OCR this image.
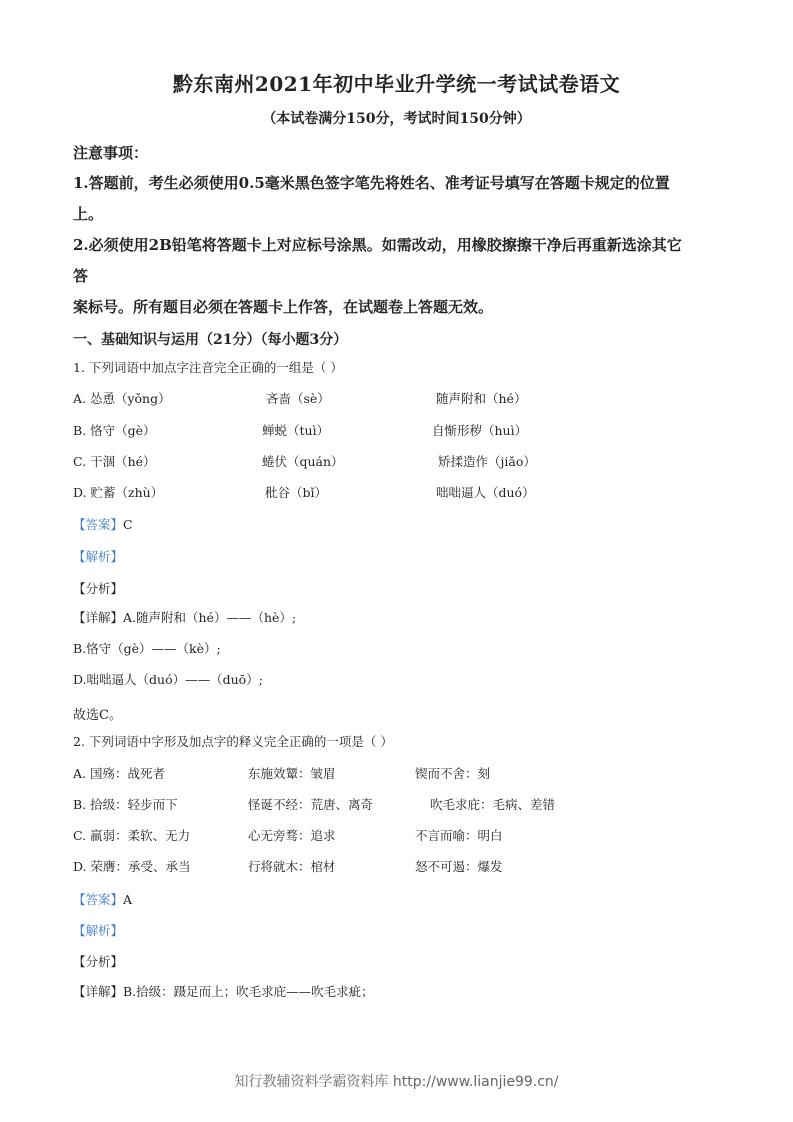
黔东南州2021年初中毕业升学统一考试试卷语文
（本试卷满分150分，考试时间150分钟）
注意事项：
1.答题前，考生必须使用0.5毫米黑色签字笔先将姓名、准考证号填写在答题卡规定的位置
上。
2.必须使用2B铅笔将答题卡上对应标号涂黑。如需改动，用橡胶擦擦干净后再重新选涂其它
答
案标号。所有题目必须在答题卡上作答，在试题卷上答题无效。
一、基础知识与运用（21分）（每小题3分）
1. 下列词语中加点字注音完全正确的一组是（ ）
A. 怂恿（yǒng）	吝啬（sè）	随声附和（hé）
B. 恪守（gè）	蝉蜕（tuì）	自惭形秽（huì）
C. 干涸（hé）	蜷伏（quán）	矫揉造作（jiǎo）
D. 贮蓄（zhù）	秕谷（bǐ）	咄咄逼人（duó）
【答案】C
【解析】
【分析】
【详解】A.随声附和（hé）——（hè）;
B.恪守（gè）——（kè）;
D.咄咄逼人（duó）——（duō）;
故选C。
2. 下列词语中字形及加点字的释义完全正确的一项是（ ）
A. 国殇：战死者	东施效颦：皱眉	锲而不舍：刻
B. 拾级：轻步而下	怪诞不经：荒唐、离奇	吹毛求庇：毛病、差错
C. 羸弱：柔软、无力	心无旁骛：追求	不言而喻：明白
D. 荣膺：承受、承当	行将就木：棺材	怒不可遏：爆发
【答案】A
【解析】
【分析】
【详解】B.拾级：蹑足而上；吹毛求庇——吹毛求疵；
知行教辅资料学霸资料库 http://www.lianjie99.cn/
